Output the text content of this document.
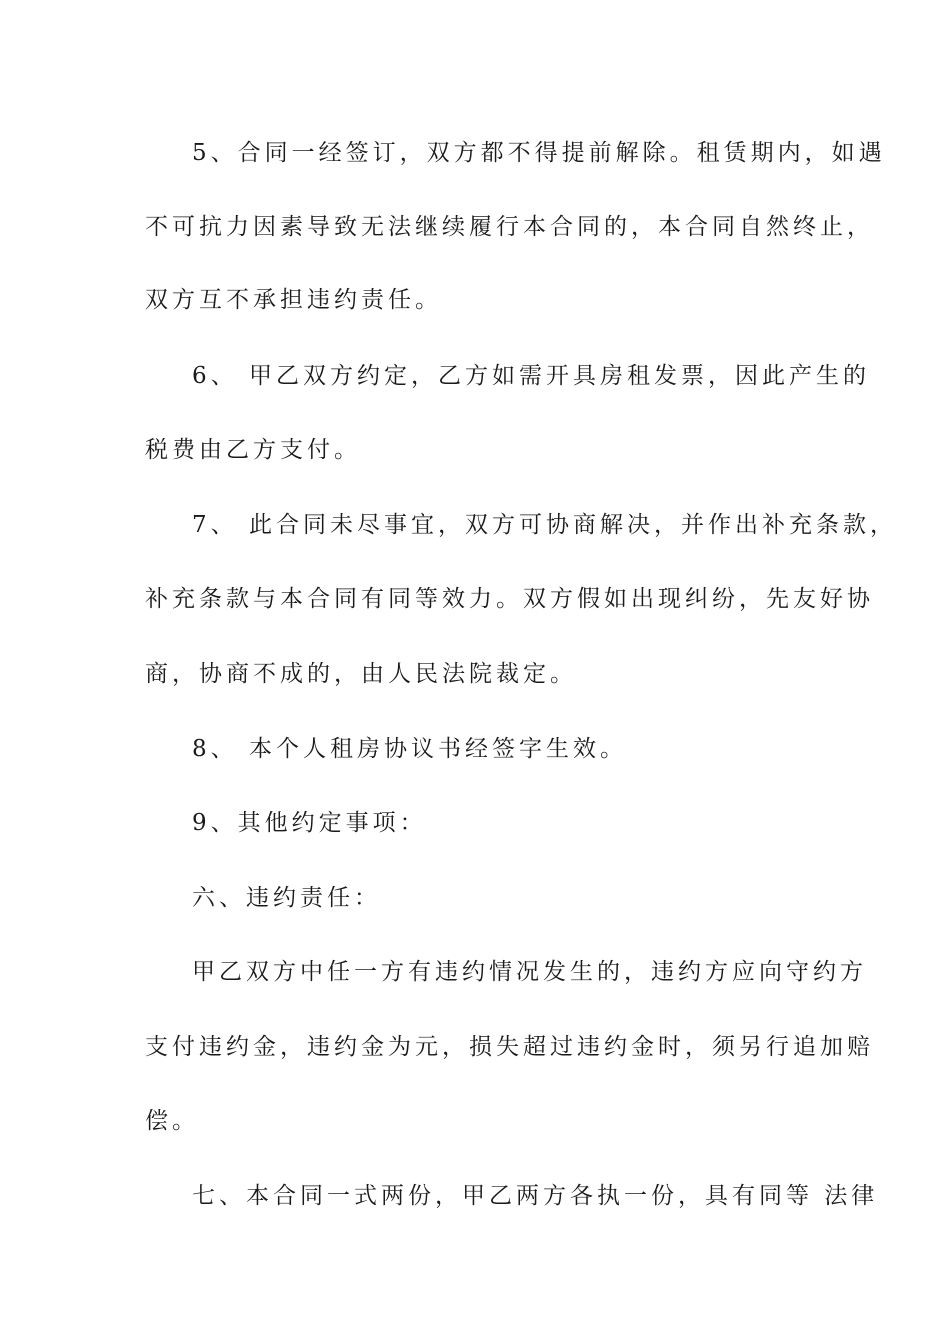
5、合同一经签订，双方都不得提前解除。租赁期内，如遇
不可抗力因素导致无法继续履行本合同的，本合同自然终止，
双方互不承担违约责任。
6、 甲乙双方约定，乙方如需开具房租发票，因此产生的
税费由乙方支付。
7、 此合同未尽事宜，双方可协商解决，并作出补充条款，
补充条款与本合同有同等效力。双方假如出现纠纷，先友好协
商，协商不成的，由人民法院裁定。
8、 本个人租房协议书经签字生效。
9、其他约定事项：
六、违约责任：
甲乙双方中任一方有违约情况发生的，违约方应向守约方
支付违约金，违约金为元，损失超过违约金时，须另行追加赔
偿。
七、本合同一式两份，甲乙两方各执一份，具有同等 法律
